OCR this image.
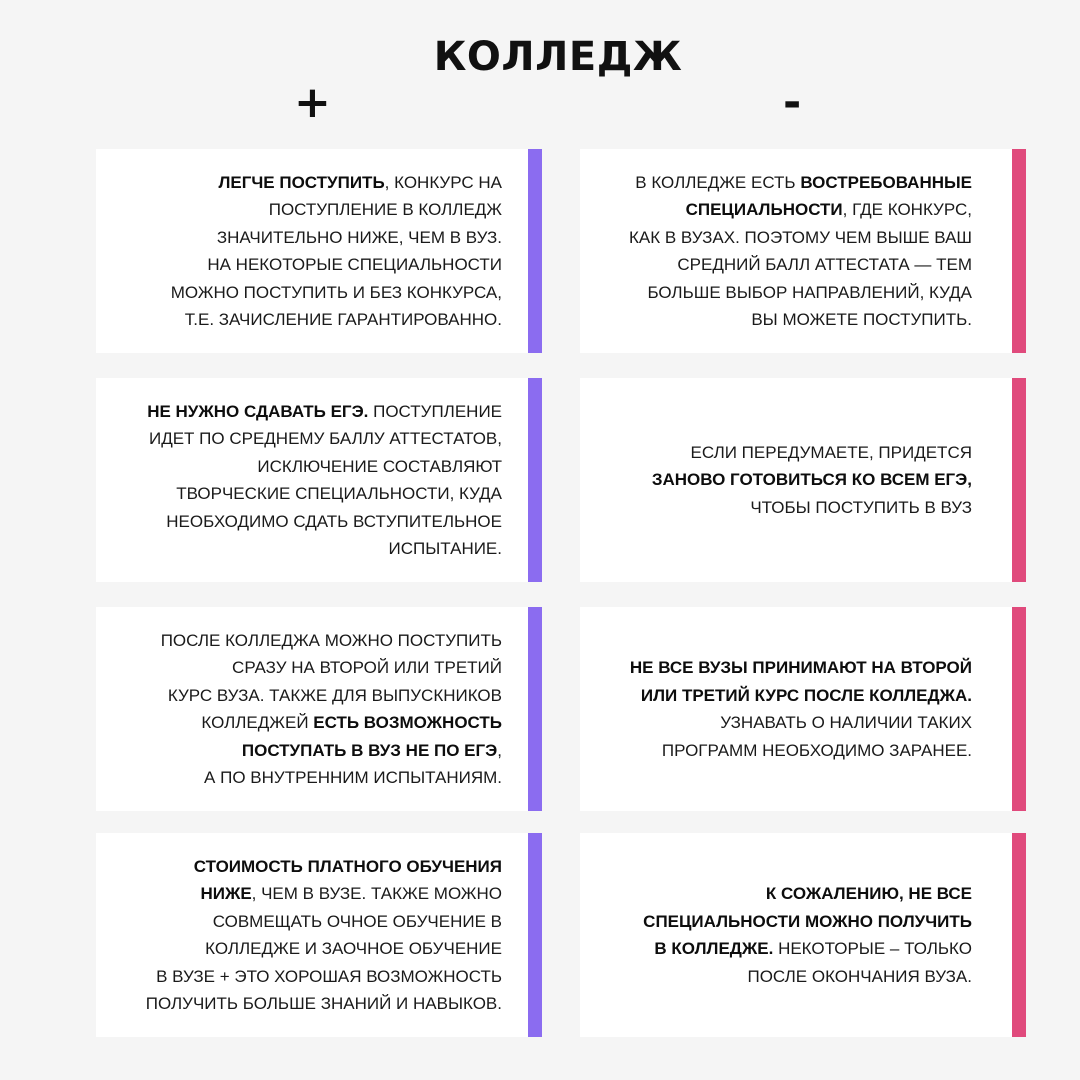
КОЛЛЕДЖ
+	-
ЛЕГЧЕ ПОСТУПИТЬ, КОНКУРС НА
ПОСТУПЛЕНИЕ В КОЛЛЕДЖ
ЗНАЧИТЕЛЬНО НИЖЕ, ЧЕМ В ВУЗ.
НА НЕКОТОРЫЕ СПЕЦИАЛЬНОСТИ
МОЖНО ПОСТУПИТЬ И БЕЗ КОНКУРСА,
Т.Е. ЗАЧИСЛЕНИЕ ГАРАНТИРОВАННО.
НЕ НУЖНО СДАВАТЬ ЕГЭ. ПОСТУПЛЕНИЕ
ИДЕТ ПО СРЕДНЕМУ БАЛЛУ АТТЕСТАТОВ,
ИСКЛЮЧЕНИЕ СОСТАВЛЯЮТ
ТВОРЧЕСКИЕ СПЕЦИАЛЬНОСТИ, КУДА
НЕОБХОДИМО СДАТЬ ВСТУПИТЕЛЬНОЕ
ИСПЫТАНИЕ.
ПОСЛЕ КОЛЛЕДЖА МОЖНО ПОСТУПИТЬ
СРАЗУ НА ВТОРОЙ ИЛИ ТРЕТИЙ
КУРС ВУЗА. ТАКЖЕ ДЛЯ ВЫПУСКНИКОВ
КОЛЛЕДЖЕЙ ЕСТЬ ВОЗМОЖНОСТЬ
ПОСТУПАТЬ В ВУЗ НЕ ПО ЕГЭ,
А ПО ВНУТРЕННИМ ИСПЫТАНИЯМ.
СТОИМОСТЬ ПЛАТНОГО ОБУЧЕНИЯ
НИЖЕ, ЧЕМ В ВУЗЕ. ТАКЖЕ МОЖНО
СОВМЕЩАТЬ ОЧНОЕ ОБУЧЕНИЕ В
КОЛЛЕДЖЕ И ЗАОЧНОЕ ОБУЧЕНИЕ
В ВУЗЕ + ЭТО ХОРОШАЯ ВОЗМОЖНОСТЬ
ПОЛУЧИТЬ БОЛЬШЕ ЗНАНИЙ И НАВЫКОВ.
В КОЛЛЕДЖЕ ЕСТЬ ВОСТРЕБОВАННЫЕ
СПЕЦИАЛЬНОСТИ, ГДЕ КОНКУРС,
КАК В ВУЗАХ. ПОЭТОМУ ЧЕМ ВЫШЕ ВАШ
СРЕДНИЙ БАЛЛ АТТЕСТАТА — ТЕМ
БОЛЬШЕ ВЫБОР НАПРАВЛЕНИЙ, КУДА
ВЫ МОЖЕТЕ ПОСТУПИТЬ.
ЕСЛИ ПЕРЕДУМАЕТЕ, ПРИДЕТСЯ
ЗАНОВО ГОТОВИТЬСЯ КО ВСЕМ ЕГЭ,
ЧТОБЫ ПОСТУПИТЬ В ВУЗ
НЕ ВСЕ ВУЗЫ ПРИНИМАЮТ НА ВТОРОЙ
ИЛИ ТРЕТИЙ КУРС ПОСЛЕ КОЛЛЕДЖА.
УЗНАВАТЬ О НАЛИЧИИ ТАКИХ
ПРОГРАММ НЕОБХОДИМО ЗАРАНЕЕ.
К СОЖАЛЕНИЮ, НЕ ВСЕ
СПЕЦИАЛЬНОСТИ МОЖНО ПОЛУЧИТЬ
В КОЛЛЕДЖЕ. НЕКОТОРЫЕ – ТОЛЬКО
ПОСЛЕ ОКОНЧАНИЯ ВУЗА.
